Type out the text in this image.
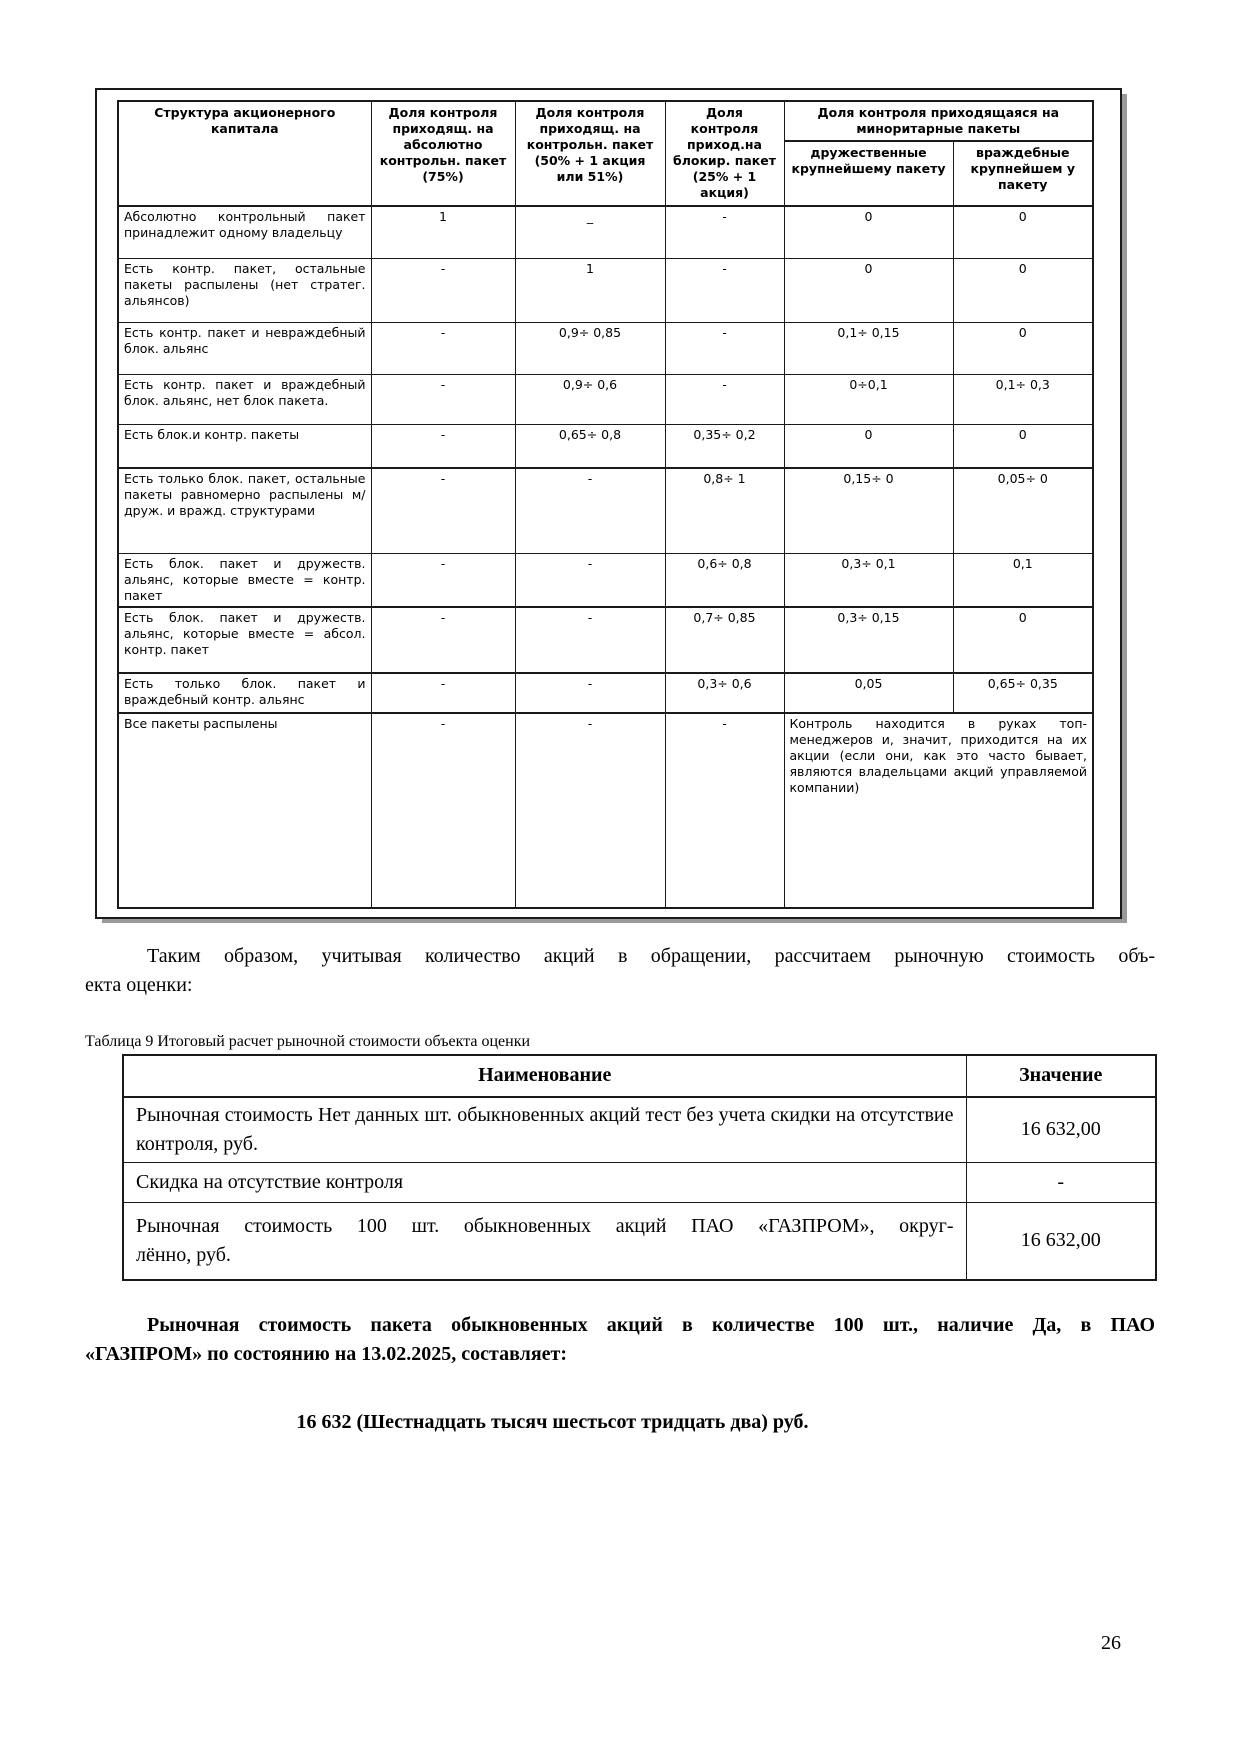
Структура акционерного капитала	Доля контроля приходящ. на абсолютно контрольн. пакет (75%)	Доля контроля приходящ. на контрольн. пакет (50% + 1 акция или 51%)	Доля контроля приход.на блокир. пакет (25% + 1 акция)	Доля контроля приходящаяся на миноритарные пакеты	
				дружественные крупнейшему пакету	враждебные крупнейшем у пакету
Абсолютно контрольный пакет принадлежит одному владельцу	1	_	-	0	0
Есть контр. пакет, остальные пакеты распылены (нет стратег. альянсов)	-	1	-	0	0
Есть контр. пакет и невраждебный блок. альянс	-	0,9÷ 0,85	-	0,1÷ 0,15	0
Есть контр. пакет и враждебный блок. альянс, нет блок пакета.	-	0,9÷ 0,6	-	0÷0,1	0,1÷ 0,3
Есть блок.и контр. пакеты	-	0,65÷ 0,8	0,35÷ 0,2	0	0
Есть только блок. пакет, остальные пакеты равномерно распылены м/друж. и вражд. структурами	-	-	0,8÷ 1	0,15÷ 0	0,05÷ 0
Есть блок. пакет и дружеств. альянс, которые вместе = контр. пакет	-	-	0,6÷ 0,8	0,3÷ 0,1	0,1
Есть блок. пакет и дружеств. альянс, которые вместе = абсол. контр. пакет	-	-	0,7÷ 0,85	0,3÷ 0,15	0
Есть только блок. пакет и враждебный контр. альянс	-	-	0,3÷ 0,6	0,05	0,65÷ 0,35
Все пакеты распылены	-	-	-	Контроль находится в руках топ-менеджеров и, значит, приходится на их акции (если они, как это часто бывает, являются владельцами акций управляемой компании)	

Таким образом, учитывая количество акций в обращении, рассчитаем рыночную стоимость объ-
екта оценки:

Таблица 9 Итоговый расчет рыночной стоимости объекта оценки
Наименование	Значение
Рыночная стоимость Нет данных шт. обыкновенных акций тест без учета скидки на отсутствие контроля, руб.	16 632,00
Скидка на отсутствие контроля	-

Рыночная стоимость 100 шт. обыкновенных акций ПАО «ГАЗПРОМ», округ-
лённо, руб.	16 632,00

Рыночная стоимость пакета обыкновенных акций в количестве 100 шт., наличие Да, в ПАО
«ГАЗПРОМ» по состоянию на 13.02.2025, составляет:

16 632 (Шестнадцать тысяч шестьсот тридцать два) руб.

26
